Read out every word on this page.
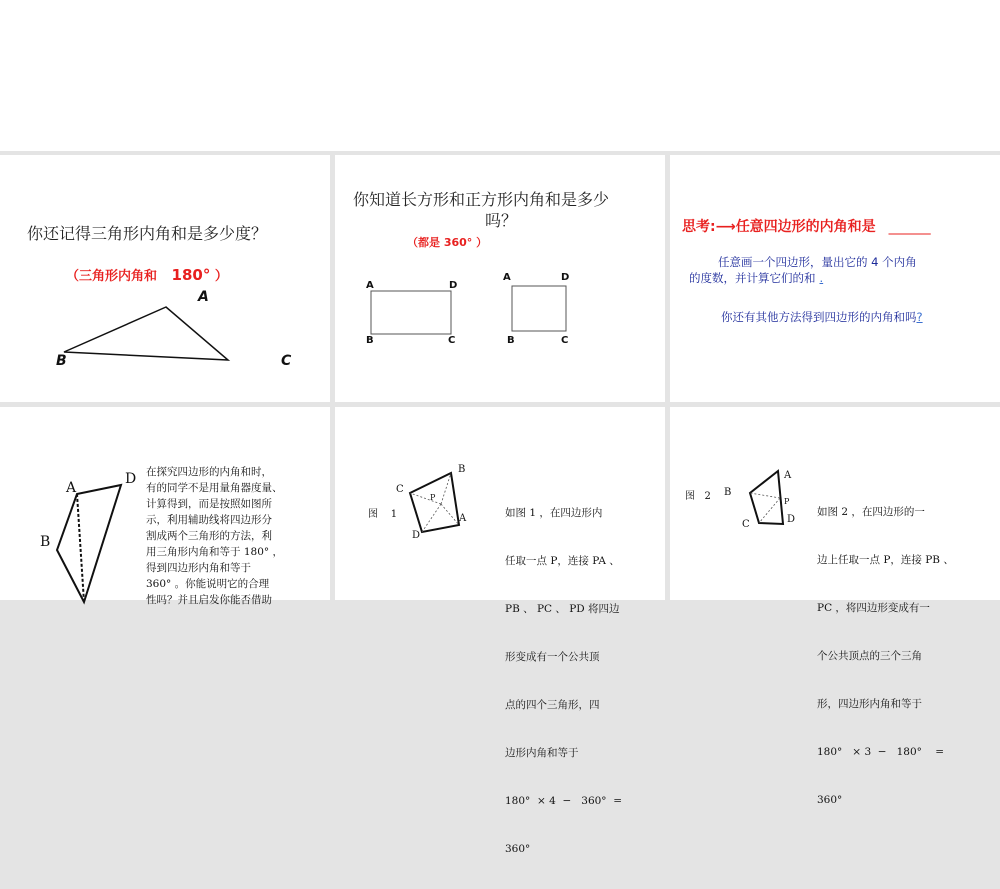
你还记得三角形内角和是多少度？

（三角形内角和 180° ）
A
B	C

你知道长方形和正方形内角和是多少

吗？

（都是 360° ）

A	D
B	C
A	D
B	C
思考:⟶任意四边形的内角和是 ______

任意画一个四边形，量出它的 4 个内角

的度数，并计算它们的和 .
你还有其他方法得到四边形的内角和吗?
A
D
B
在探究四边形的内角和时，
有的同学不是用量角器度量、
计算得到，而是按照如图所
示，利用辅助线将四边形分
割成两个三角形的方法，利
用三角形内角和等于 180° ，
得到四边形内角和等于
360° 。你能说明它的合理
性吗？并且启发你能否借助
图    1
C
B
A
D
P

如图 1 ，在四边形内

任取一点 P，连接 PA 、

PB 、 PC 、 PD 将四边

形变成有一个公共顶

点的四个三角形，四

边形内角和等于

180°  × 4  −   360°  =

360°

图   2 B
A
P
D
C

如图 2 ，在四边形的一

边上任取一点 P，连接 PB 、

PC ，将四边形变成有一

个公共顶点的三个三角

形，四边形内角和等于

180°   × 3  −   180°    =

360°
